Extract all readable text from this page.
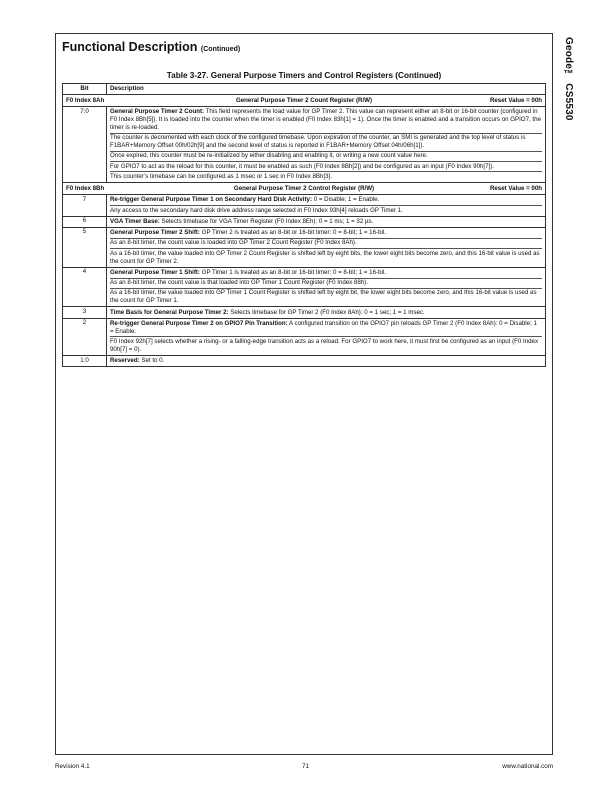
Geode™ CS5530
Functional Description (Continued)
Table 3-27. General Purpose Timers and Control Registers (Continued)
Bit	Description

F0 Index 8Ah General Purpose Timer 2 Count Register (R/W) Reset Value = 00h	

7:0	General Purpose Timer 2 Count: This field represents the load value for GP Timer 2. This value can represent either an 8-bit or 16-bit counter (configured in F0 Index 8Bh[5]). It is loaded into the counter when the timer is enabled (F0 Index 83h[1] = 1). Once the timer is enabled and a transition occurs on GPIO7, the timer is re-loaded.

The counter is decremented with each clock of the configured timebase. Upon expiration of the counter, an SMI is generated and the top level of status is F1BAR+Memory Offset 00h/02h[9] and the second level of status is reported in F1BAR+Memory Offset 04h/06h[1]).

Once expired, this counter must be re-initialized by either disabling and enabling it, or writing a new count value here.

For GPIO7 to act as the reload for this counter, it must be enabled as such (F0 Index 8Bh[2]) and be configured as an input (F0 Index 90h[7]).

This counter’s timebase can be configured as 1 msec or 1 sec in F0 Index 8Bh[3].

F0 Index 8Bh General Purpose Timer 2 Control Register (R/W) Reset Value = 00h	

7	Re-trigger General Purpose Timer 1 on Secondary Hard Disk Activity: 0 = Disable; 1 = Enable.

Any access to the secondary hard disk drive address range selected in F0 Index 93h[4] reloads GP Timer 1.

6	VGA Timer Base: Selects timebase for VGA Timer Register (F0 Index 8Eh): 0 = 1 ms; 1 = 32 µs.

5	General Purpose Timer 2 Shift: GP Timer 2 is treated as an 8-bit or 16-bit timer: 0 = 8-bit; 1 = 16-bit.

As an 8-bit timer, the count value is loaded into GP Timer 2 Count Register (F0 Index 8Ah).

As a 16-bit timer, the value loaded into GP Timer 2 Count Register is shifted left by eight bits, the lower eight bits become zero, and this 16-bit value is used as the count for GP Timer 2.

4	General Purpose Timer 1 Shift: GP Timer 1 is treated as an 8-bit or 16-bit timer: 0 = 8-bit; 1 = 16-bit.

As an 8-bit timer, the count value is that loaded into GP Timer 1 Count Register (F0 Index 88h).

As a 16-bit timer, the value loaded into GP Timer 1 Count Register is shifted left by eight bit, the lower eight bits become zero, and this 16-bit value is used as the count for GP Timer 1.

3	Time Basis for General Purpose Timer 2: Selects timebase for GP Timer 2 (F0 Index 8Ah): 0 = 1 sec; 1 = 1 msec.

2	Re-trigger General Purpose Timer 2 on GPIO7 Pin Transition: A configured transition on the GPIO7 pin reloads GP Timer 2 (F0 Index 8Ah): 0 = Disable; 1 = Enable.

F0 Index 92h[7] selects whether a rising- or a falling-edge transition acts as a reload. For GPIO7 to work here, it must first be configured as an input (F0 Index 90h[7] = 0).

1:0	Reserved: Set to 0.

Revision 4.1	71	www.national.com
